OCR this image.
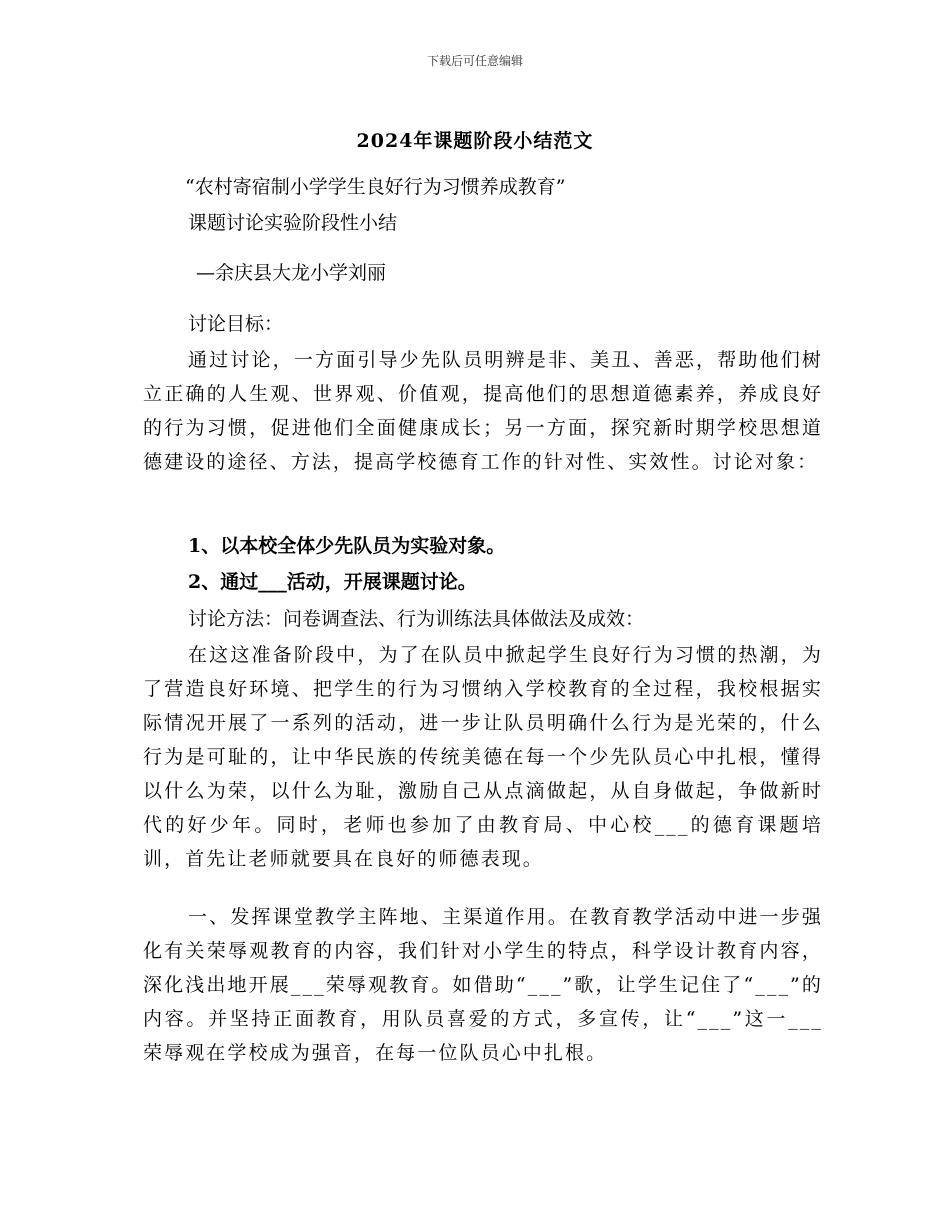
下载后可任意编辑
2024年课题阶段小结范文
“农村寄宿制小学学生良好行为习惯养成教育”
课题讨论实验阶段性小结
—余庆县大龙小学刘丽
讨论目标：
通过讨论，一方面引导少先队员明辨是非、美丑、善恶，帮助他们树立正确的人生观、世界观、价值观，提高他们的思想道德素养，养成良好的行为习惯，促进他们全面健康成长；另一方面，探究新时期学校思想道德建设的途径、方法，提高学校德育工作的针对性、实效性。讨论对象：
1、以本校全体少先队员为实验对象。
2、通过___活动，开展课题讨论。
讨论方法：问卷调查法、行为训练法具体做法及成效：
在这这准备阶段中，为了在队员中掀起学生良好行为习惯的热潮，为了营造良好环境、把学生的行为习惯纳入学校教育的全过程，我校根据实际情况开展了一系列的活动，进一步让队员明确什么行为是光荣的，什么行为是可耻的，让中华民族的传统美德在每一个少先队员心中扎根，懂得以什么为荣，以什么为耻，激励自己从点滴做起，从自身做起，争做新时代的好少年。同时，老师也参加了由教育局、中心校___的德育课题培训，首先让老师就要具在良好的师德表现。
一、发挥课堂教学主阵地、主渠道作用。在教育教学活动中进一步强化有关荣辱观教育的内容，我们针对小学生的特点，科学设计教育内容，深化浅出地开展___荣辱观教育。如借助“___”歌，让学生记住了“___”的内容。并坚持正面教育，用队员喜爱的方式，多宣传，让“___”这一___荣辱观在学校成为强音，在每一位队员心中扎根。
